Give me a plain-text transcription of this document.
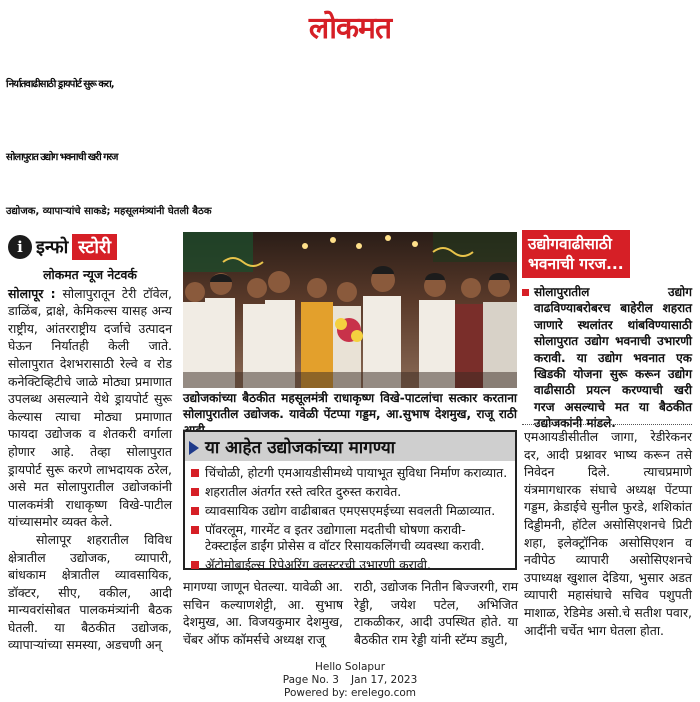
लोकमत
निर्यातवाढीसाठी ड्रायपोर्ट सुरू करा,
सोलापुरात उद्योग भवनाची खरी गरज
उद्योजक, व्यापाऱ्यांचे साकडे; महसूलमंत्र्यांनी घेतली बैठक
i इन्फो स्टोरी
लोकमत न्यूज नेटवर्क

सोलापूर : सोलापुरातून टेरी टॉवेल, डाळिंब, द्राक्षे, केमिकल्स यासह अन्य राष्ट्रीय, आंतरराष्ट्रीय दर्जाचे उत्पादन घेऊन निर्यातही केली जाते. सोलापुरात देशभरासाठी रेल्वे व रोड कनेक्टिव्हिटीचे जाळे मोठ्या प्रमाणात उपलब्ध असल्याने येथे ड्रायपोर्ट सुरू केल्यास त्याचा मोठ्या प्रमाणात फायदा उद्योजक व शेतकरी वर्गाला होणार आहे. तेव्हा सोलापुरात ड्रायपोर्ट सुरू करणे लाभदायक ठरेल, असे मत सोलापुरातील उद्योजकांनी पालकमंत्री राधाकृष्ण विखे-पाटील यांच्यासमोर व्यक्त केले.

सोलापूर शहरातील विविध क्षेत्रातील उद्योजक, व्यापारी, बांधकाम क्षेत्रातील व्यावसायिक, डॉक्टर, सीए, वकील, आदी मान्यवरांसोबत पालकमंत्र्यांनी बैठक घेतली. या बैठकीत उद्योजक, व्यापाऱ्यांच्या समस्या, अडचणी अन्

उद्योजकांच्या बैठकीत महसूलमंत्री राधाकृष्ण विखे-पाटलांचा सत्कार करताना सोलापुरातील उद्योजक. यावेळी पेंटप्पा गड्डम, आ.सुभाष देशमुख, राजू राठी
या आहेत उद्योजकांच्या मागण्या
चिंचोळी, होटगी एमआयडीसीमध्ये पायाभूत सुविधा निर्माण कराव्यात.
शहरातील अंतर्गत रस्ते त्वरित दुरुस्त करावेत.
व्यावसायिक उद्योग वाढीबाबत एमएसएमईच्या सवलती मिळाव्यात.
पॉवरलूम, गारमेंट व इतर उद्योगाला मदतीची घोषणा करावी- टेक्स्टाईल डाईंग प्रोसेस व वॉटर रिसायकलिंगची व्यवस्था करावी.
ॲटोमोबाईल्स रिपेअरिंग क्लस्टरची उभारणी करावी.
मागण्या जाणून घेतल्या. यावेळी आ. सचिन कल्याणशेट्टी, आ. सुभाष देशमुख, आ. विजयकुमार देशमुख, चेंबर ऑफ कॉमर्सचे अध्यक्ष राजू
राठी, उद्योजक नितीन बिज्जरगी, राम रेड्डी, जयेश पटेल, अभिजित टाकळीकर, आदी उपस्थित होते. या बैठकीत राम रेड्डी यांनी स्टॅम्प ड्युटी,
उद्योगवाढीसाठी
भवनाची गरज...
सोलापुरातील उद्योग वाढविण्याबरोबरच बाहेरील शहरात जाणारे स्थलांतर थांबविण्यासाठी सोलापुरात उद्योग भवनाची उभारणी करावी. या उद्योग भवनात एक खिडकी योजना सुरू करून उद्योग वाढीसाठी प्रयत्न करण्याची खरी गरज असल्याचे मत या बैठकीत उद्योजकांनी मांडले.
एमआयडीसीतील जागा, रेडीरेकनर दर, आदी प्रश्नावर भाष्य करून तसे निवेदन दिले. त्याचप्रमाणे यंत्रमागधारक संघाचे अध्यक्ष पेंटप्पा गड्डम, क्रेडाईचे सुनील फुरडे, शशिकांत दिड्डीमनी, हॉटेल असोसिएशनचे प्रिटी शहा, इलेक्ट्रॉनिक असोसिएशन व नवीपेठ व्यापारी असोसिएशनचे उपाध्यक्ष खुशाल देडिया, भुसार अडत व्यापारी महासंघाचे सचिव पशुपती माशाळ, रेडिमेड असो.चे सतीश पवार, आदींनी चर्चेत भाग घेतला होता.
Hello Solapur
Page No. 3 Jan 17, 2023
Powered by: erelego.com
